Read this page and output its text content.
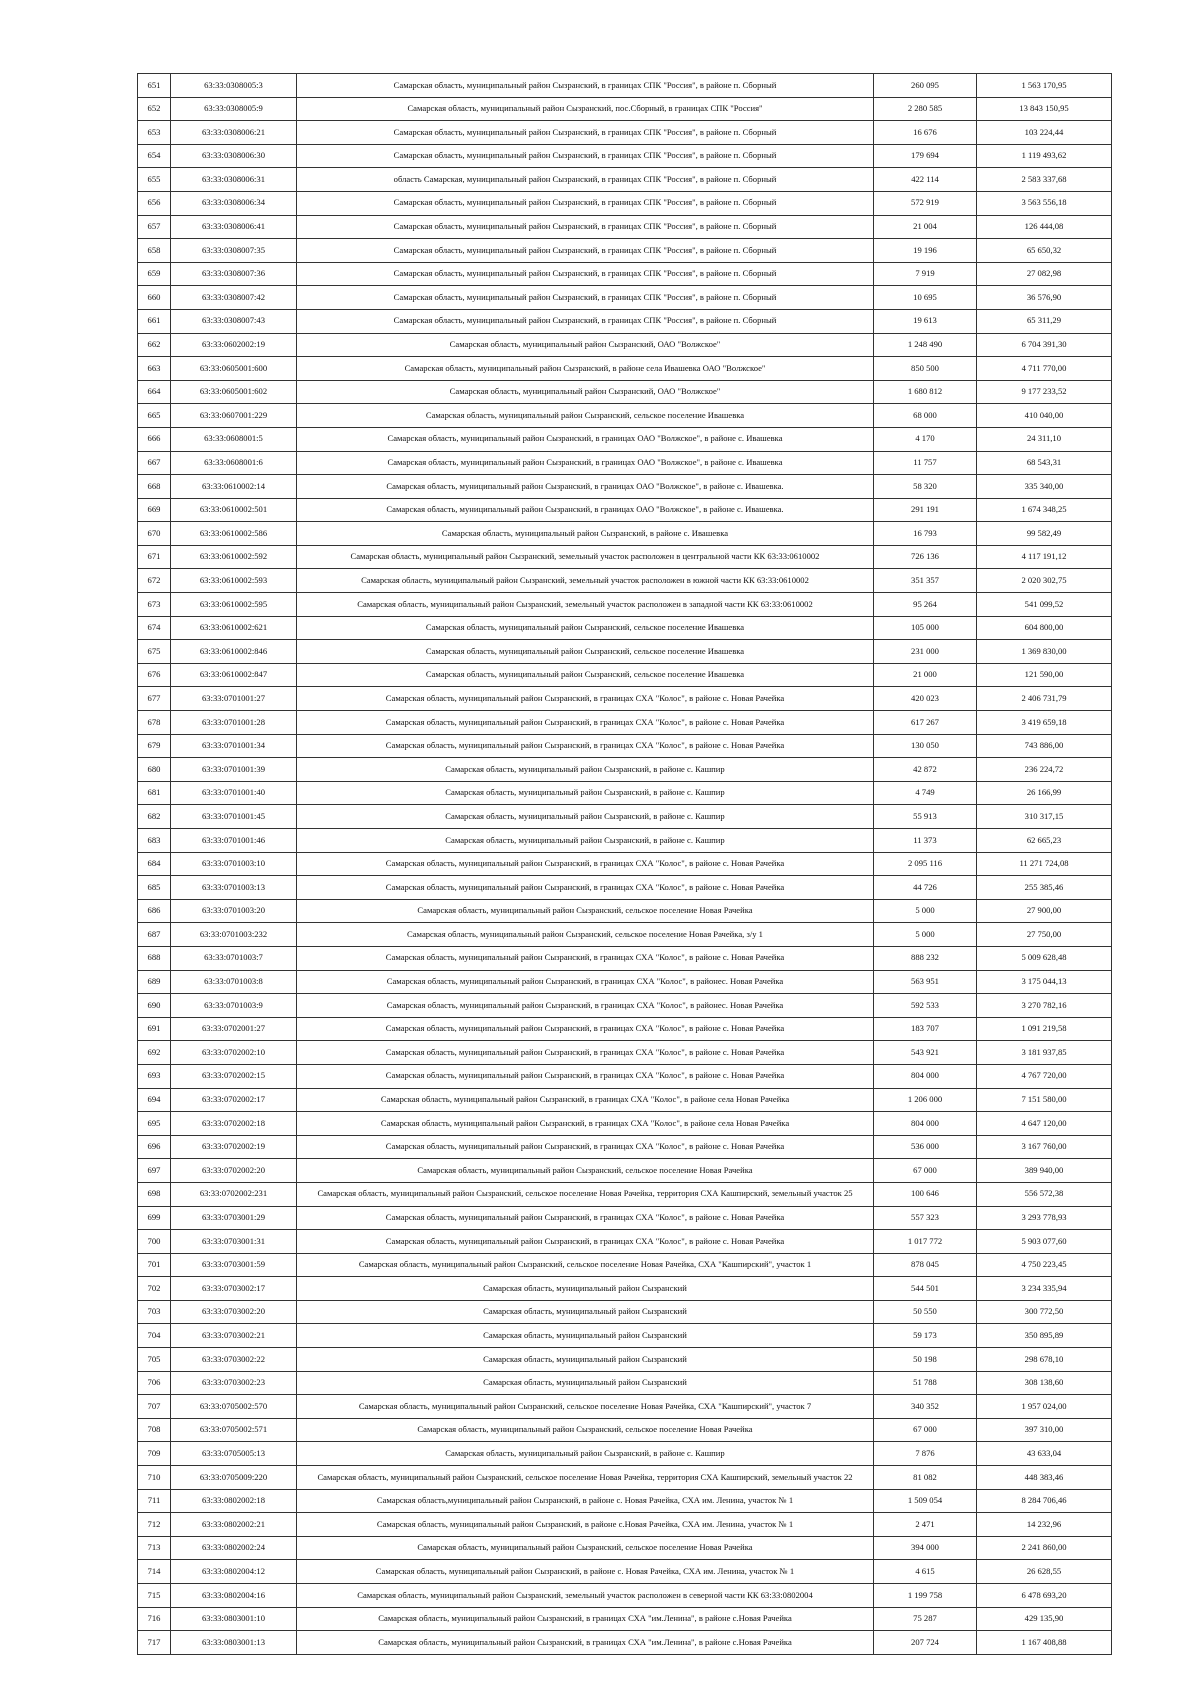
651	63:33:0308005:3	Самарская область, муниципальный район Сызранский, в границах СПК "Россия", в районе п. Сборный	260 095	1 563 170,95
652	63:33:0308005:9	Самарская область, муниципальный район Сызранский, пос.Сборный, в границах СПК "Россия"	2 280 585	13 843 150,95
653	63:33:0308006:21	Самарская область, муниципальный район Сызранский, в границах СПК "Россия", в районе п. Сборный	16 676	103 224,44
654	63:33:0308006:30	Самарская область, муниципальный район Сызранский, в границах СПК "Россия", в районе п. Сборный	179 694	1 119 493,62
655	63:33:0308006:31	область Самарская, муниципальный район Сызранский, в границах СПК "Россия", в районе п. Сборный	422 114	2 583 337,68
656	63:33:0308006:34	Самарская область, муниципальный район Сызранский, в границах СПК "Россия", в районе п. Сборный	572 919	3 563 556,18
657	63:33:0308006:41	Самарская область, муниципальный район Сызранский, в границах СПК "Россия", в районе п. Сборный	21 004	126 444,08
658	63:33:0308007:35	Самарская область, муниципальный район Сызранский, в границах СПК "Россия", в районе п. Сборный	19 196	65 650,32
659	63:33:0308007:36	Самарская область, муниципальный район Сызранский, в границах СПК "Россия", в районе п. Сборный	7 919	27 082,98
660	63:33:0308007:42	Самарская область, муниципальный район Сызранский, в границах СПК "Россия", в районе п. Сборный	10 695	36 576,90
661	63:33:0308007:43	Самарская область, муниципальный район Сызранский, в границах СПК "Россия", в районе п. Сборный	19 613	65 311,29
662	63:33:0602002:19	Самарская область, муниципальный район Сызранский, ОАО "Волжское"	1 248 490	6 704 391,30
663	63:33:0605001:600	Самарская область, муниципальный район Сызранский, в районе села Ивашевка ОАО "Волжское"	850 500	4 711 770,00
664	63:33:0605001:602	Самарская область, муниципальный район Сызранский, ОАО "Волжское"	1 680 812	9 177 233,52
665	63:33:0607001:229	Самарская область, муниципальный район Сызранский, сельское поселение Ивашевка	68 000	410 040,00
666	63:33:0608001:5	Самарская область, муниципальный район Сызранский, в границах ОАО "Волжское", в районе с. Ивашевка	4 170	24 311,10
667	63:33:0608001:6	Самарская область, муниципальный район Сызранский, в границах ОАО "Волжское", в районе с. Ивашевка	11 757	68 543,31
668	63:33:0610002:14	Самарская область, муниципальный район Сызранский, в границах ОАО "Волжское", в районе с. Ивашевка.	58 320	335 340,00
669	63:33:0610002:501	Самарская область, муниципальный район Сызранский, в границах ОАО "Волжское", в районе с. Ивашевка.	291 191	1 674 348,25
670	63:33:0610002:586	Самарская область, муниципальный район Сызранский, в районе с. Ивашевка	16 793	99 582,49
671	63:33:0610002:592	Самарская область, муниципальный район Сызранский, земельный участок расположен в центральной части КК 63:33:0610002	726 136	4 117 191,12
672	63:33:0610002:593	Самарская область, муниципальный район Сызранский, земельный участок расположен в южной части КК 63:33:0610002	351 357	2 020 302,75
673	63:33:0610002:595	Самарская область, муниципальный район Сызранский, земельный участок расположен в западной части КК 63:33:0610002	95 264	541 099,52
674	63:33:0610002:621	Самарская область, муниципальный район Сызранский, сельское поселение Ивашевка	105 000	604 800,00
675	63:33:0610002:846	Самарская область, муниципальный район Сызранский, сельское поселение Ивашевка	231 000	1 369 830,00
676	63:33:0610002:847	Самарская область, муниципальный район Сызранский, сельское поселение Ивашевка	21 000	121 590,00
677	63:33:0701001:27	Самарская область, муниципальный район Сызранский, в границах СХА "Колос", в районе с. Новая Рачейка	420 023	2 406 731,79
678	63:33:0701001:28	Самарская область, муниципальный район Сызранский, в границах СХА "Колос", в районе с. Новая Рачейка	617 267	3 419 659,18
679	63:33:0701001:34	Самарская область, муниципальный район Сызранский, в границах СХА "Колос", в районе с. Новая Рачейка	130 050	743 886,00
680	63:33:0701001:39	Самарская область, муниципальный район Сызранский, в районе с. Кашпир	42 872	236 224,72
681	63:33:0701001:40	Самарская область, муниципальный район Сызранский, в районе с. Кашпир	4 749	26 166,99
682	63:33:0701001:45	Самарская область, муниципальный район Сызранский, в районе с. Кашпир	55 913	310 317,15
683	63:33:0701001:46	Самарская область, муниципальный район Сызранский, в районе с. Кашпир	11 373	62 665,23
684	63:33:0701003:10	Самарская область, муниципальный район Сызранский, в границах СХА "Колос", в районе с. Новая Рачейка	2 095 116	11 271 724,08
685	63:33:0701003:13	Самарская область, муниципальный район Сызранский, в границах СХА "Колос", в районе с. Новая Рачейка	44 726	255 385,46
686	63:33:0701003:20	Самарская область, муниципальный район Сызранский, сельское поселение Новая Рачейка	5 000	27 900,00
687	63:33:0701003:232	Самарская область, муниципальный район Сызранский, сельское поселение Новая Рачейка, з/у 1	5 000	27 750,00
688	63:33:0701003:7	Самарская область, муниципальный район Сызранский, в границах СХА "Колос", в районе с. Новая Рачейка	888 232	5 009 628,48
689	63:33:0701003:8	Самарская область, муниципальный район Сызранский, в границах СХА "Колос", в районес. Новая Рачейка	563 951	3 175 044,13
690	63:33:0701003:9	Самарская область, муниципальный район Сызранский, в границах СХА "Колос", в районес. Новая Рачейка	592 533	3 270 782,16
691	63:33:0702001:27	Самарская область, муниципальный район Сызранский, в границах СХА "Колос", в районе с. Новая Рачейка	183 707	1 091 219,58
692	63:33:0702002:10	Самарская область, муниципальный район Сызранский, в границах СХА "Колос", в районе с. Новая Рачейка	543 921	3 181 937,85
693	63:33:0702002:15	Самарская область, муниципальный район Сызранский, в границах СХА "Колос", в районе с. Новая Рачейка	804 000	4 767 720,00
694	63:33:0702002:17	Самарская область, муниципальный район Сызранский, в границах СХА "Колос", в районе села Новая Рачейка	1 206 000	7 151 580,00
695	63:33:0702002:18	Самарская область, муниципальный район Сызранский, в границах СХА "Колос", в районе села Новая Рачейка	804 000	4 647 120,00
696	63:33:0702002:19	Самарская область, муниципальный район Сызранский, в границах СХА "Колос", в районе с. Новая Рачейка	536 000	3 167 760,00
697	63:33:0702002:20	Самарская область, муниципальный район Сызранский, сельское поселение Новая Рачейка	67 000	389 940,00
698	63:33:0702002:231	Самарская область, муниципальный район Сызранский, сельское поселение Новая Рачейка, территория СХА Кашпирский, земельный участок 25	100 646	556 572,38
699	63:33:0703001:29	Самарская область, муниципальный район Сызранский, в границах СХА "Колос", в районе с. Новая Рачейка	557 323	3 293 778,93
700	63:33:0703001:31	Самарская область, муниципальный район Сызранский, в границах СХА "Колос", в районе с. Новая Рачейка	1 017 772	5 903 077,60
701	63:33:0703001:59	Самарская область, муниципальный район Сызранский, сельское поселение Новая Рачейка, СХА "Кашпирский", участок 1	878 045	4 750 223,45
702	63:33:0703002:17	Самарская область, муниципальный район Сызранский	544 501	3 234 335,94
703	63:33:0703002:20	Самарская область, муниципальный район Сызранский	50 550	300 772,50
704	63:33:0703002:21	Самарская область, муниципальный район Сызранский	59 173	350 895,89
705	63:33:0703002:22	Самарская область, муниципальный район Сызранский	50 198	298 678,10
706	63:33:0703002:23	Самарская область, муниципальный район Сызранский	51 788	308 138,60
707	63:33:0705002:570	Самарская область, муниципальный район Сызранский, сельское поселение Новая Рачейка, СХА "Кашпирский", участок 7	340 352	1 957 024,00
708	63:33:0705002:571	Самарская область, муниципальный район Сызранский, сельское поселение Новая Рачейка	67 000	397 310,00
709	63:33:0705005:13	Самарская область, муниципальный район Сызранский, в районе с. Кашпир	7 876	43 633,04
710	63:33:0705009:220	Самарская область, муниципальный район Сызранский, сельское поселение Новая Рачейка, территория СХА Кашпирский, земельный участок 22	81 082	448 383,46
711	63:33:0802002:18	Самарская область,муниципальный район Сызранский, в районе с. Новая Рачейка, СХА им. Ленина, участок № 1	1 509 054	8 284 706,46
712	63:33:0802002:21	Самарская область, муниципальный район Сызранский, в районе с.Новая Рачейка, СХА им. Ленина, участок № 1	2 471	14 232,96
713	63:33:0802002:24	Самарская область, муниципальный район Сызранский, сельское поселение Новая Рачейка	394 000	2 241 860,00
714	63:33:0802004:12	Самарская область, муниципальный район Сызранский, в районе с. Новая Рачейка, СХА им. Ленина, участок № 1	4 615	26 628,55
715	63:33:0802004:16	Самарская область, муниципальный район Сызранский, земельный участок расположен в северной части КК 63:33:0802004	1 199 758	6 478 693,20
716	63:33:0803001:10	Самарская область, муниципальный район Сызранский, в границах СХА "им.Ленина", в районе с.Новая Рачейка	75 287	429 135,90
717	63:33:0803001:13	Самарская область, муниципальный район Сызранский, в границах СХА "им.Ленина", в районе с.Новая Рачейка	207 724	1 167 408,88
